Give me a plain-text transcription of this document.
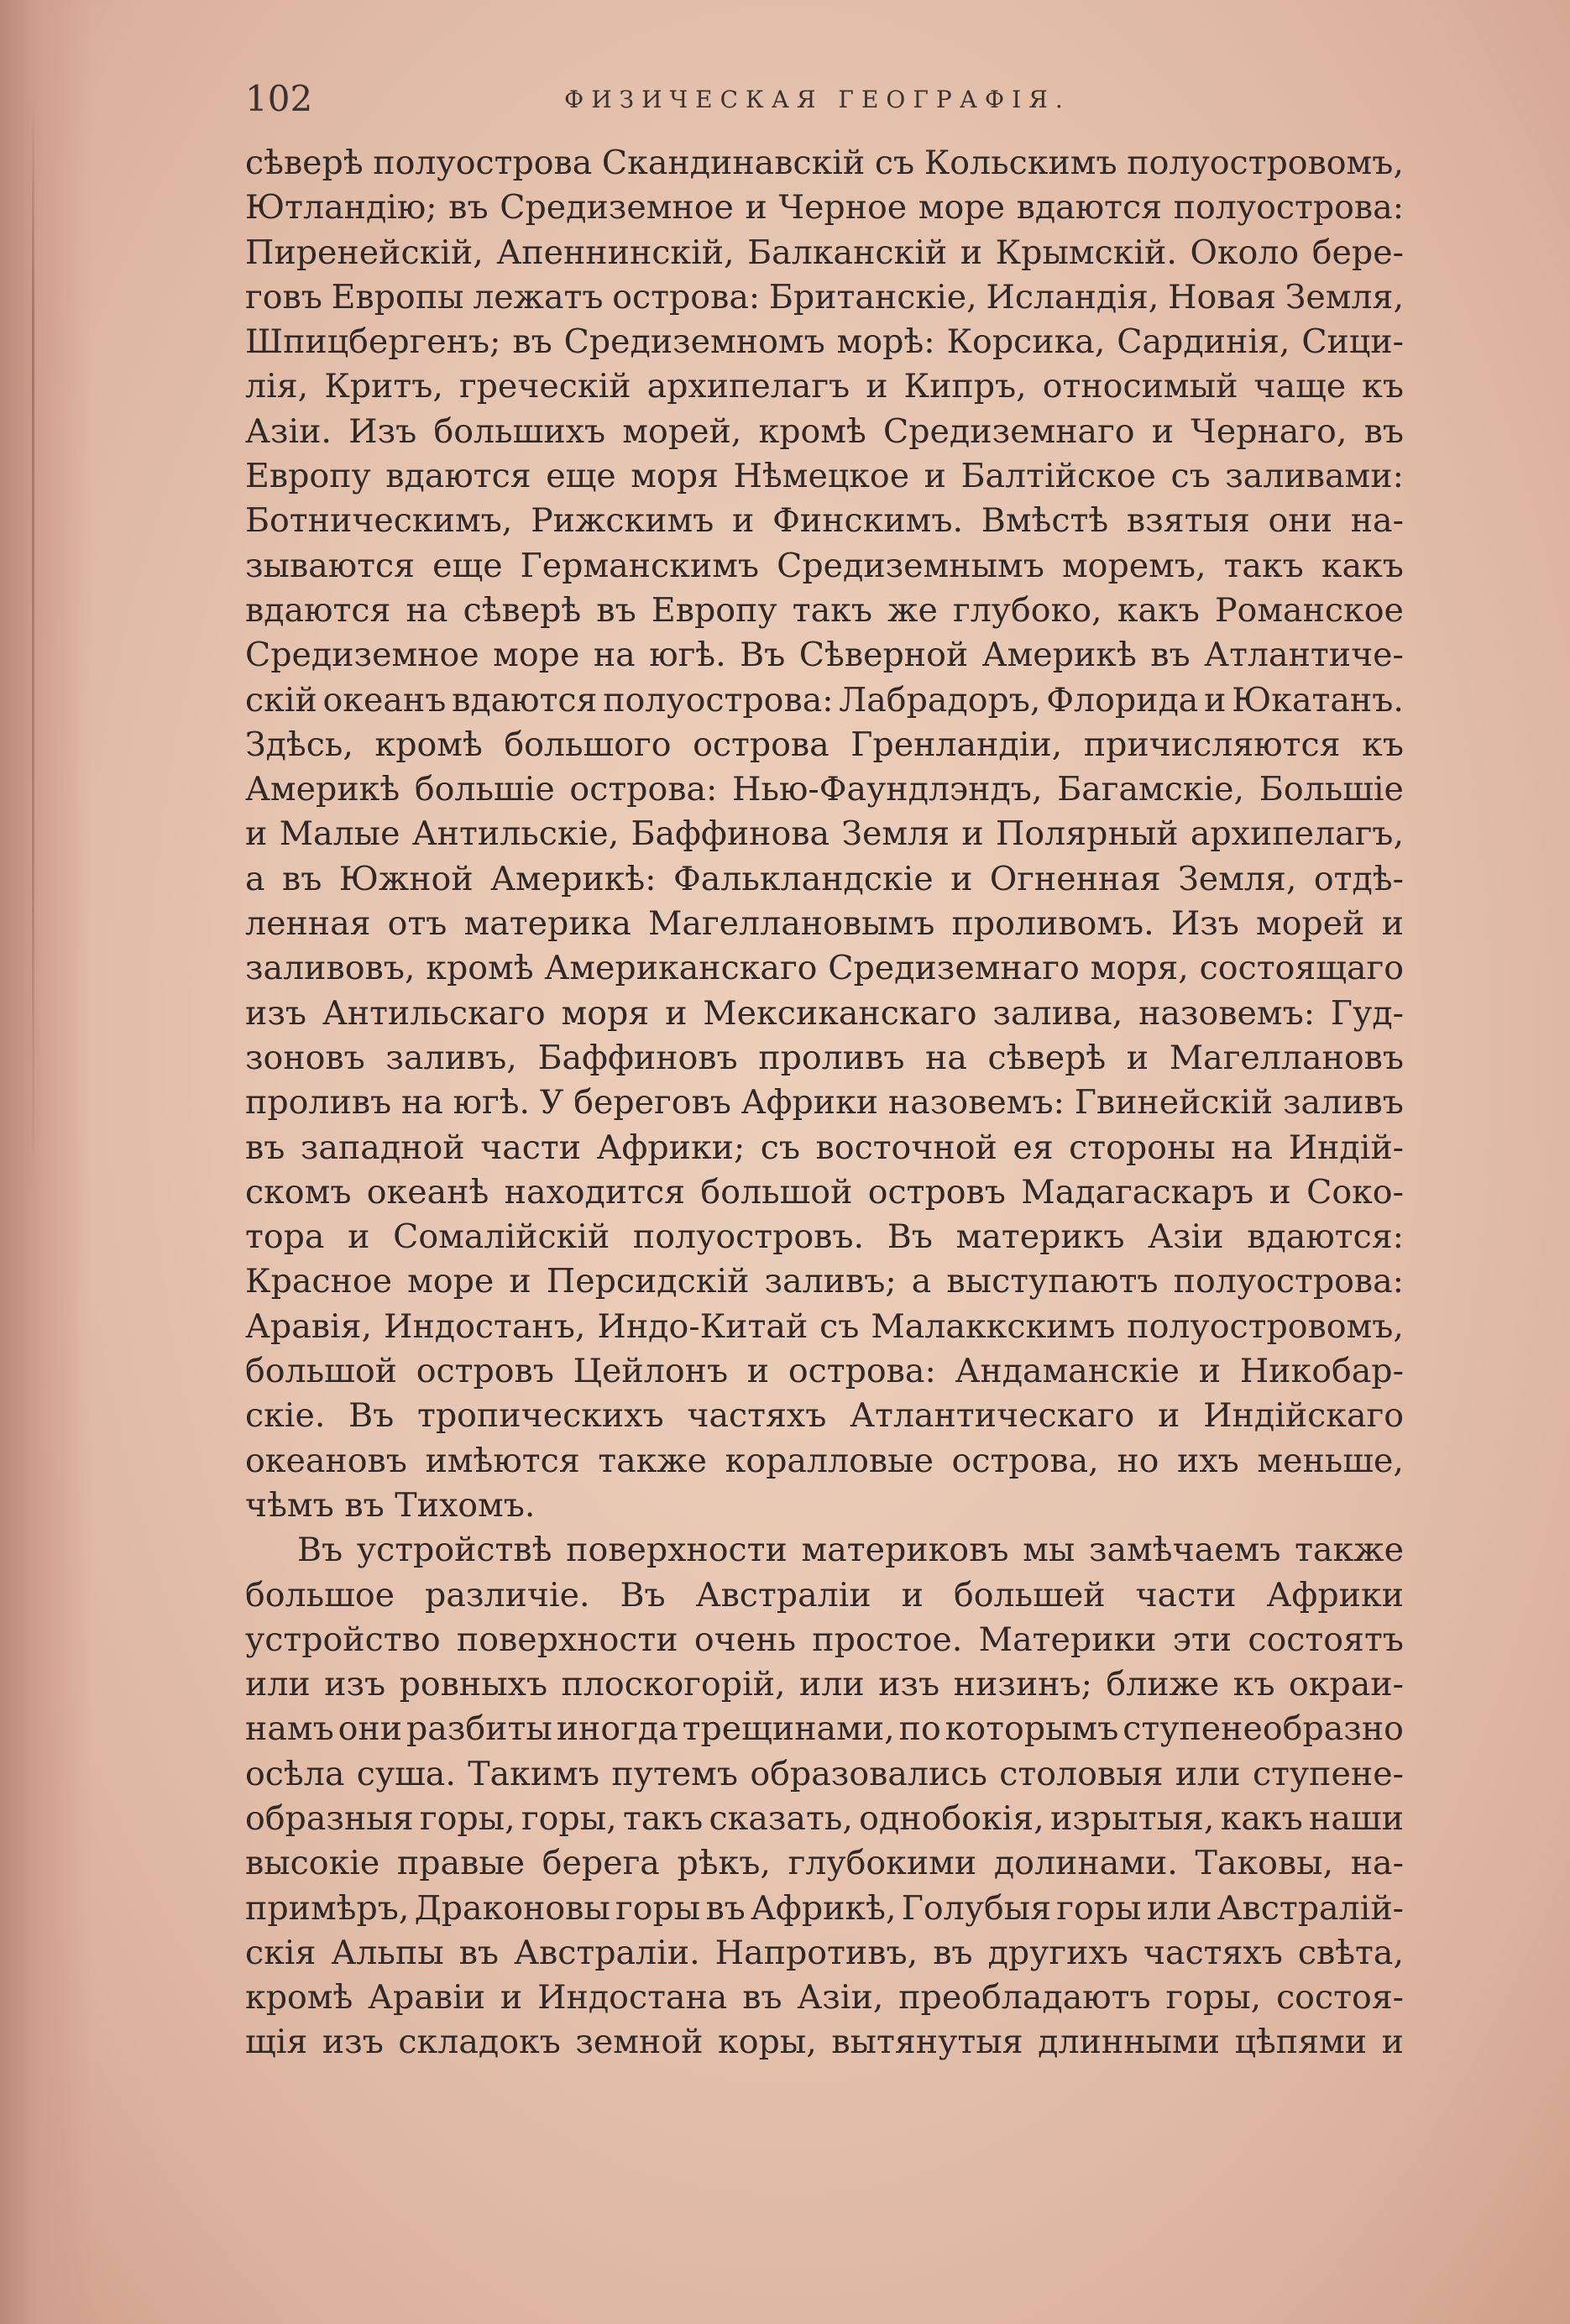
102	ФИЗИЧЕСКАЯ ГЕОГРАФІЯ.
сѣверѣ полуострова Скандинавскій съ Кольскимъ полуостровомъ,
Ютландію; въ Средиземное и Черное море вдаются полуострова:
Пиренейскій, Апеннинскій, Балканскій и Крымскій. Около бере-
говъ Европы лежатъ острова: Британскіе, Исландія, Новая Земля,
Шпицбергенъ; въ Средиземномъ морѣ: Корсика, Сардинія, Сици-
лія, Критъ, греческій архипелагъ и Кипръ, относимый чаще къ
Азіи. Изъ большихъ морей, кромѣ Средиземнаго и Чернаго, въ
Европу вдаются еще моря Нѣмецкое и Балтійское съ заливами:
Ботническимъ, Рижскимъ и Финскимъ. Вмѣстѣ взятыя они на-
зываются еще Германскимъ Средиземнымъ моремъ, такъ какъ
вдаются на сѣверѣ въ Европу такъ же глубоко, какъ Романское
Средиземное море на югѣ. Въ Сѣверной Америкѣ въ Атлантиче-
скій океанъ вдаются полуострова: Лабрадоръ, Флорида и Юкатанъ.
Здѣсь, кромѣ большого острова Гренландіи, причисляются къ
Америкѣ большіе острова: Нью-Фаундлэндъ, Багамскіе, Большіе
и Малые Антильскіе, Баффинова Земля и Полярный архипелагъ,
а въ Южной Америкѣ: Фальклaндскіе и Огненная Земля, отдѣ-
ленная отъ материка Магеллановымъ проливомъ. Изъ морей и
заливовъ, кромѣ Американскаго Средиземнаго моря, состоящаго
изъ Антильскаго моря и Мексиканскаго залива, назовемъ: Гуд-
зоновъ заливъ, Баффиновъ проливъ на сѣверѣ и Магеллановъ
проливъ на югѣ. У береговъ Африки назовемъ: Гвинейскій заливъ
въ западной части Африки; съ восточной ея стороны на Индій-
скомъ океанѣ находится большой островъ Мадагаскаръ и Соко-
тора и Сомалійскій полуостровъ. Въ материкъ Азіи вдаются:
Красное море и Персидскій заливъ; а выступаютъ полуострова:
Аравія, Индостанъ, Индо-Китай съ Малаккскимъ полуостровомъ,
большой островъ Цейлонъ и острова: Андаманскіе и Никобар-
скіе. Въ тропическихъ частяхъ Атлантическаго и Индійскаго
океановъ имѣются также коралловые острова, но ихъ меньше,
чѣмъ въ Тихомъ.
Въ устройствѣ поверхности материковъ мы замѣчаемъ также
большое различіе. Въ Австраліи и большей части Африки
устройство поверхности очень простое. Материки эти состоятъ
или изъ ровныхъ плоскогорій, или изъ низинъ; ближе къ окраи-
намъ они разбиты иногда трещинами, по которымъ ступенеобразно
осѣла суша. Такимъ путемъ образовались столовыя или ступене-
образныя горы, горы, такъ сказать, однобокія, изрытыя, какъ наши
высокіе правые берега рѣкъ, глубокими долинами. Таковы, на-
примѣръ, Драконовы горы въ Африкѣ, Голубыя горы или Австралій-
скія Альпы въ Австраліи. Напротивъ, въ другихъ частяхъ свѣта,
кромѣ Аравіи и Индостана въ Азіи, преобладаютъ горы, состоя-
щія изъ складокъ земной коры, вытянутыя длинными цѣпями и
